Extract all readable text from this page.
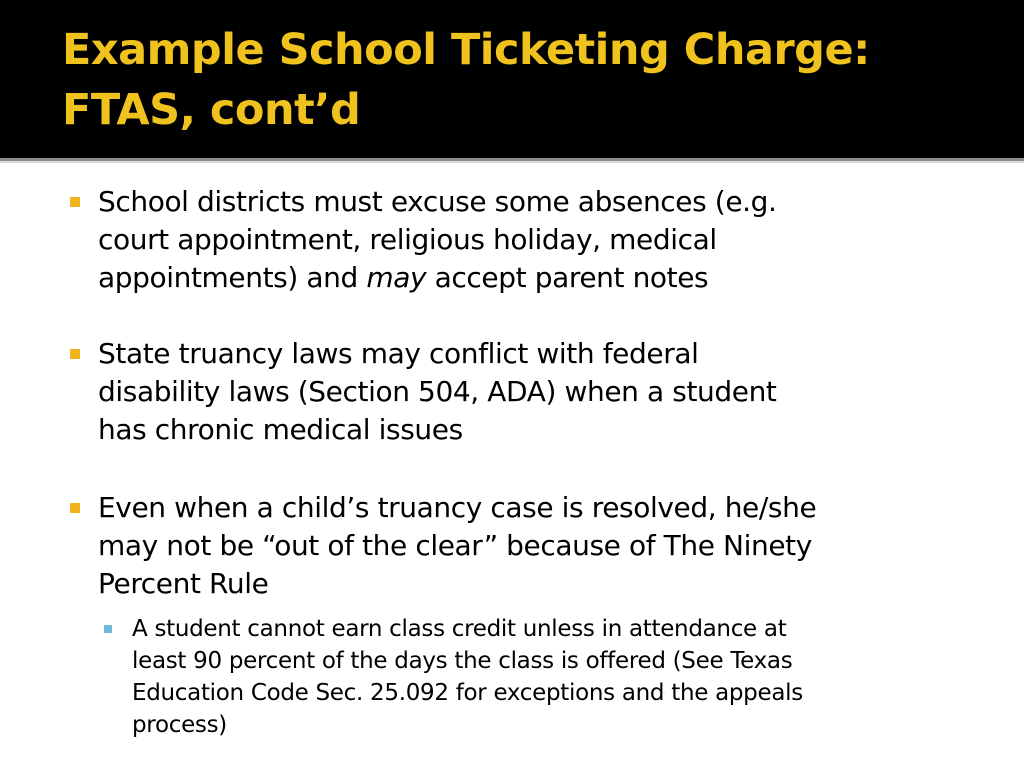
Example School Ticketing Charge:
FTAS, cont’d
School districts must excuse some absences (e.g.
court appointment, religious holiday, medical
appointments) and may accept parent notes
State truancy laws may conflict with federal
disability laws (Section 504, ADA) when a student
has chronic medical issues
Even when a child’s truancy case is resolved, he/she
may not be “out of the clear” because of The Ninety
Percent Rule
A student cannot earn class credit unless in attendance at
least 90 percent of the days the class is offered (See Texas
Education Code Sec. 25.092 for exceptions and the appeals
process)
